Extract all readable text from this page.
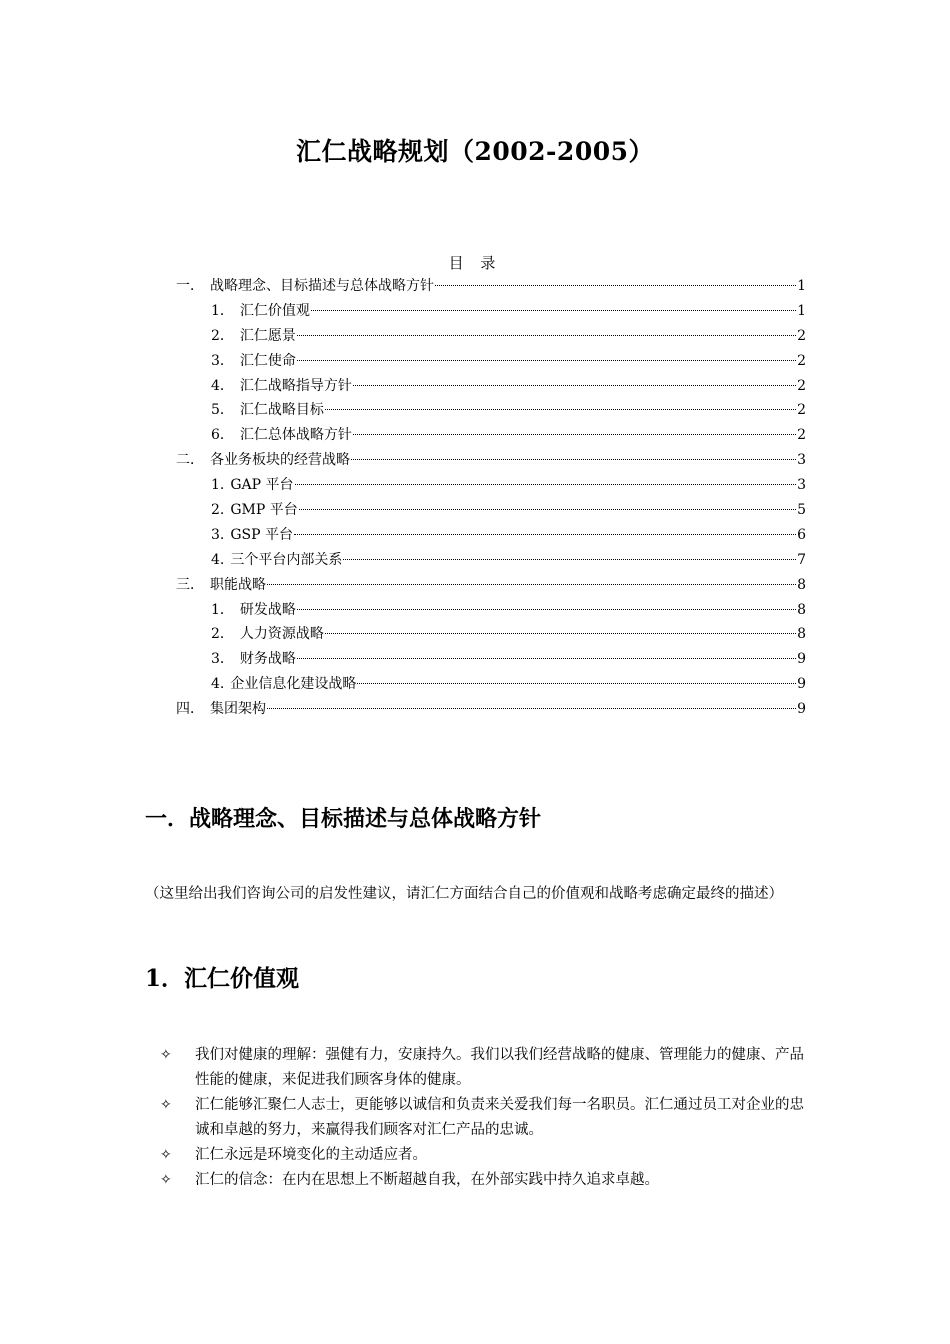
汇仁战略规划（2002-2005）
目 录
一． 战略理念、目标描述与总体战略方针	1
1． 汇仁价值观	1
2． 汇仁愿景	2
3． 汇仁使命	2
4． 汇仁战略指导方针	2
5． 汇仁战略目标	2
6． 汇仁总体战略方针	2
二． 各业务板块的经营战略	3
1. GAP 平台	3
2. GMP 平台	5
3. GSP 平台	6
4. 三个平台内部关系	7
三． 职能战略	8
1． 研发战略	8
2． 人力资源战略	8
3． 财务战略	9
4. 企业信息化建设战略	9
四． 集团架构	9
一．战略理念、目标描述与总体战略方针
（这里给出我们咨询公司的启发性建议，请汇仁方面结合自己的价值观和战略考虑确定最终的描述）
1．汇仁价值观
✧	我们对健康的理解：强健有力，安康持久。我们以我们经营战略的健康、管理能力的健康、产品性能的健康，来促进我们顾客身体的健康。
✧	汇仁能够汇聚仁人志士，更能够以诚信和负责来关爱我们每一名职员。汇仁通过员工对企业的忠诚和卓越的努力，来赢得我们顾客对汇仁产品的忠诚。
✧	汇仁永远是环境变化的主动适应者。
✧	汇仁的信念：在内在思想上不断超越自我，在外部实践中持久追求卓越。
